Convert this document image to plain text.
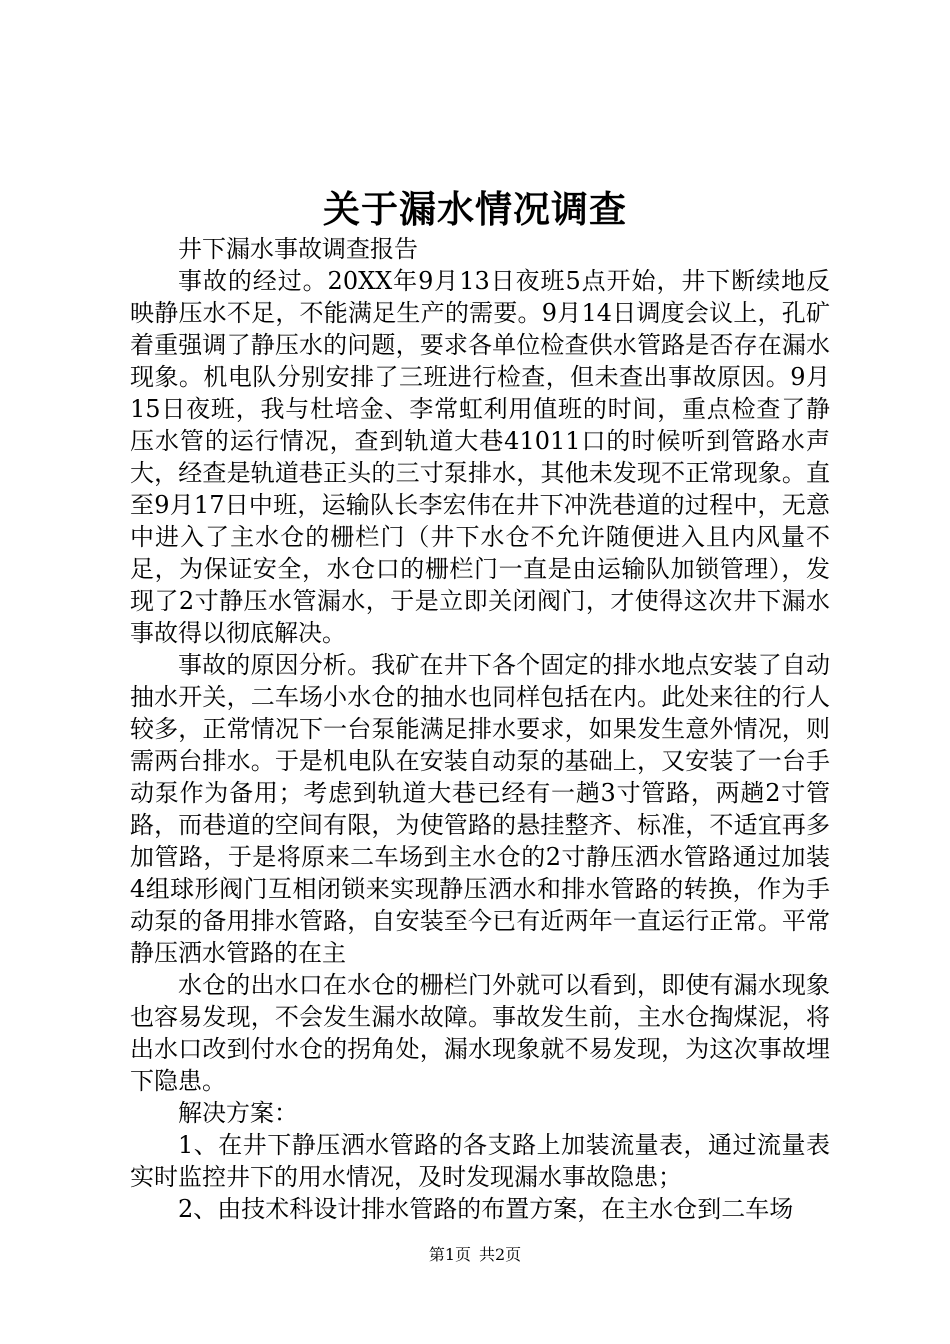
关于漏水情况调查

井下漏水事故调查报告

事故的经过。20XX年9月13日夜班5点开始，井下断续地反映静压水不足，不能满足生产的需要。9月14日调度会议上，孔矿着重强调了静压水的问题，要求各单位检查供水管路是否存在漏水现象。机电队分别安排了三班进行检查，但未查出事故原因。9月15日夜班，我与杜培金、李常虹利用值班的时间，重点检查了静压水管的运行情况，查到轨道大巷41011口的时候听到管路水声大，经查是轨道巷正头的三寸泵排水，其他未发现不正常现象。直至9月17日中班，运输队长李宏伟在井下冲洗巷道的过程中，无意中进入了主水仓的栅栏门（井下水仓不允许随便进入且内风量不足，为保证安全，水仓口的栅栏门一直是由运输队加锁管理），发现了2寸静压水管漏水，于是立即关闭阀门，才使得这次井下漏水事故得以彻底解决。

事故的原因分析。我矿在井下各个固定的排水地点安装了自动抽水开关，二车场小水仓的抽水也同样包括在内。此处来往的行人较多，正常情况下一台泵能满足排水要求，如果发生意外情况，则需两台排水。于是机电队在安装自动泵的基础上，又安装了一台手动泵作为备用；考虑到轨道大巷已经有一趟3寸管路，两趟2寸管路，而巷道的空间有限，为使管路的悬挂整齐、标准，不适宜再多加管路，于是将原来二车场到主水仓的2寸静压洒水管路通过加装4组球形阀门互相闭锁来实现静压洒水和排水管路的转换，作为手动泵的备用排水管路，自安装至今已有近两年一直运行正常。平常静压洒水管路的在主

水仓的出水口在水仓的栅栏门外就可以看到，即使有漏水现象也容易发现，不会发生漏水故障。事故发生前，主水仓掏煤泥，将出水口改到付水仓的拐角处，漏水现象就不易发现，为这次事故埋下隐患。

解决方案：

1、在井下静压洒水管路的各支路上加装流量表，通过流量表实时监控井下的用水情况，及时发现漏水事故隐患；

2、由技术科设计排水管路的布置方案，在主水仓到二车场

第1页 共2页
